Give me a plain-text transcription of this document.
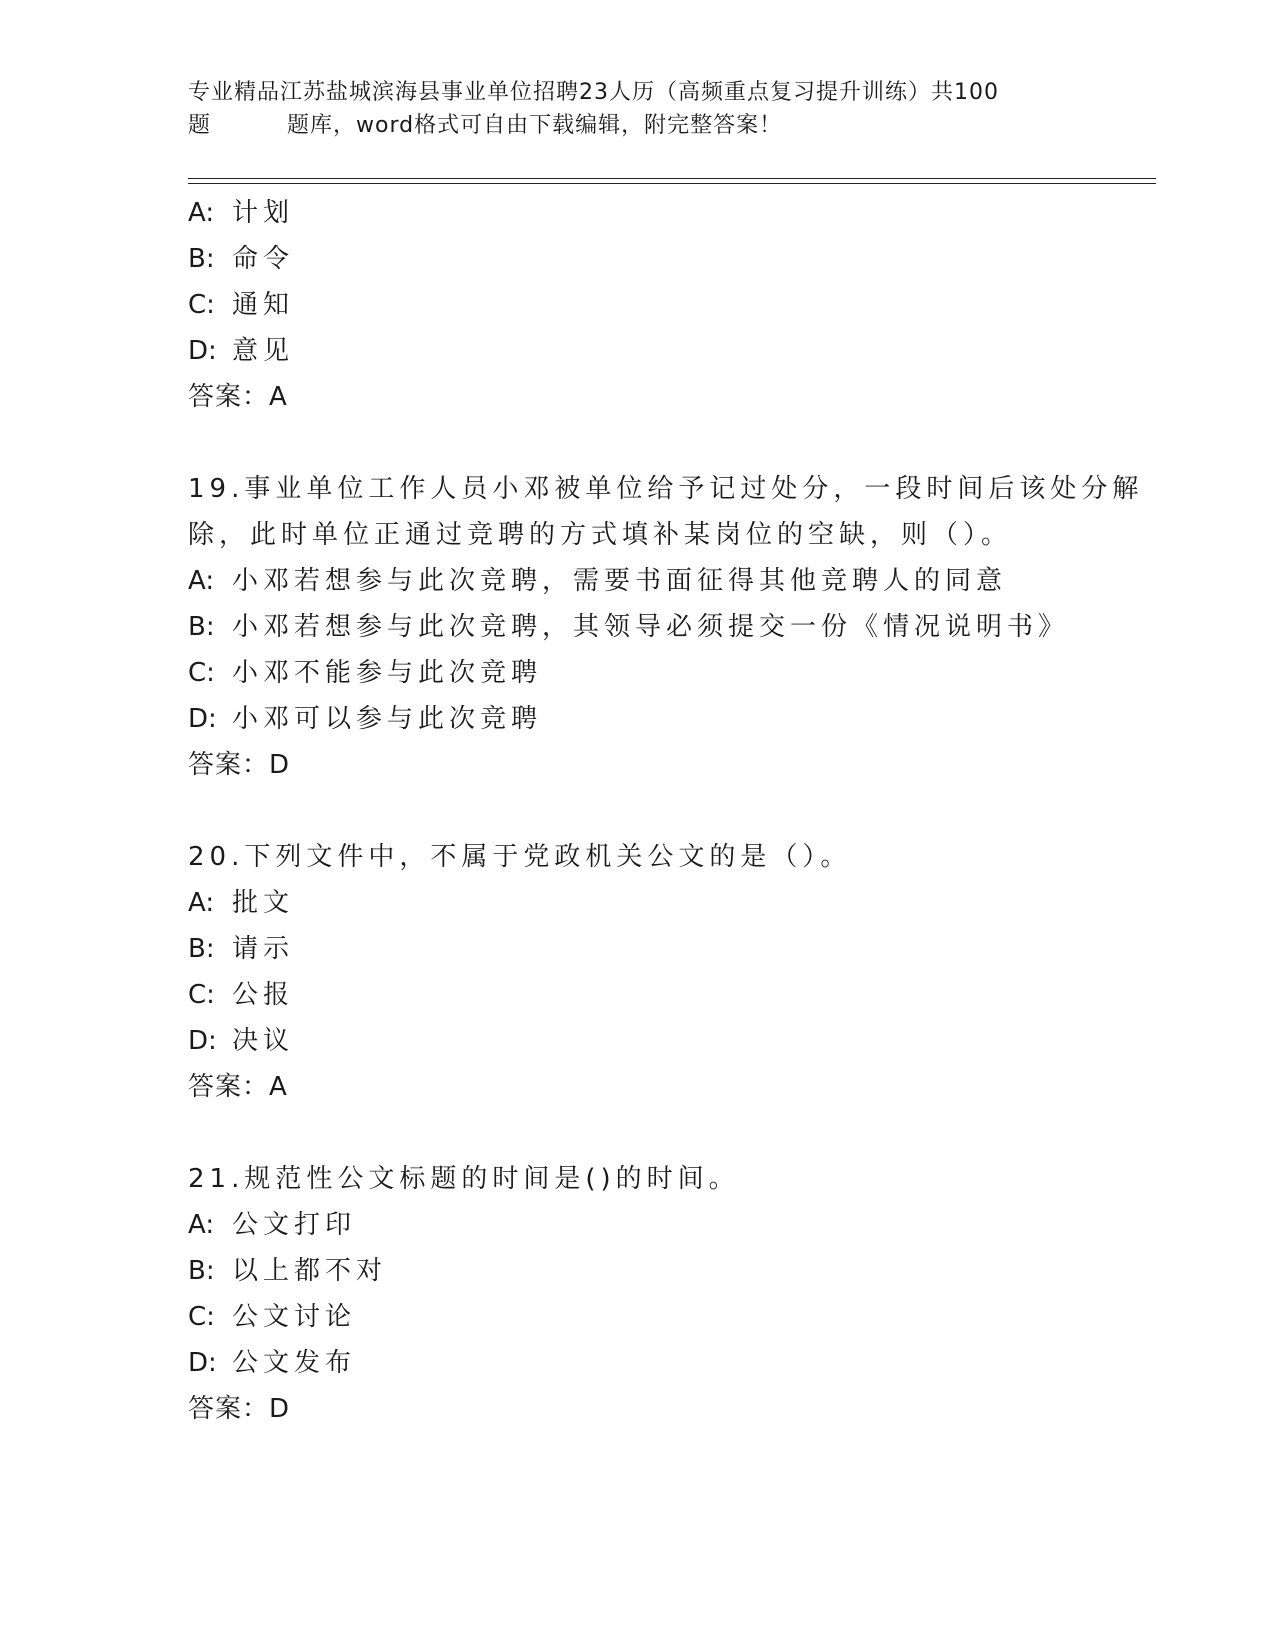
专业精品江苏盐城滨海县事业单位招聘23人历（高频重点复习提升训练）共100
题	题库，word格式可自由下载编辑，附完整答案！
A: 计划
B: 命令
C: 通知
D: 意见
答案：A
19.事业单位工作人员小邓被单位给予记过处分，一段时间后该处分解
除，此时单位正通过竞聘的方式填补某岗位的空缺，则（）。
A: 小邓若想参与此次竞聘，需要书面征得其他竞聘人的同意
B: 小邓若想参与此次竞聘，其领导必须提交一份《情况说明书》
C: 小邓不能参与此次竞聘
D: 小邓可以参与此次竞聘
答案：D
20.下列文件中，不属于党政机关公文的是（）。
A: 批文
B: 请示
C: 公报
D: 决议
答案：A
21.规范性公文标题的时间是()的时间。
A: 公文打印
B: 以上都不对
C: 公文讨论
D: 公文发布
答案：D
